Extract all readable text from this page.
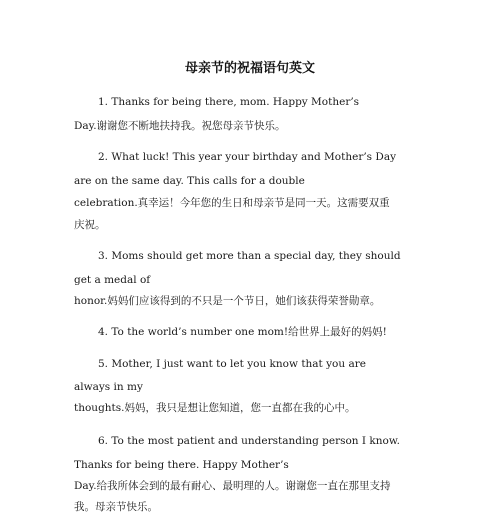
母亲节的祝福语句英文
1. Thanks for being there, mom. Happy Mother’s
Day.谢谢您不断地扶持我。祝您母亲节快乐。
2. What luck! This year your birthday and Mother’s Day
are on the same day. This calls for a double
celebration.真幸运！今年您的生日和母亲节是同一天。这需要双重
庆祝。
3. Moms should get more than a special day, they should
get a medal of
honor.妈妈们应该得到的不只是一个节日，她们该获得荣誉勋章。
4. To the world’s number one mom!给世界上最好的妈妈!
5. Mother, I just want to let you know that you are
always in my
thoughts.妈妈，我只是想让您知道，您一直都在我的心中。
6. To the most patient and understanding person I know.
Thanks for being there. Happy Mother’s
Day.给我所体会到的最有耐心、最明理的人。谢谢您一直在那里支持
我。母亲节快乐。
